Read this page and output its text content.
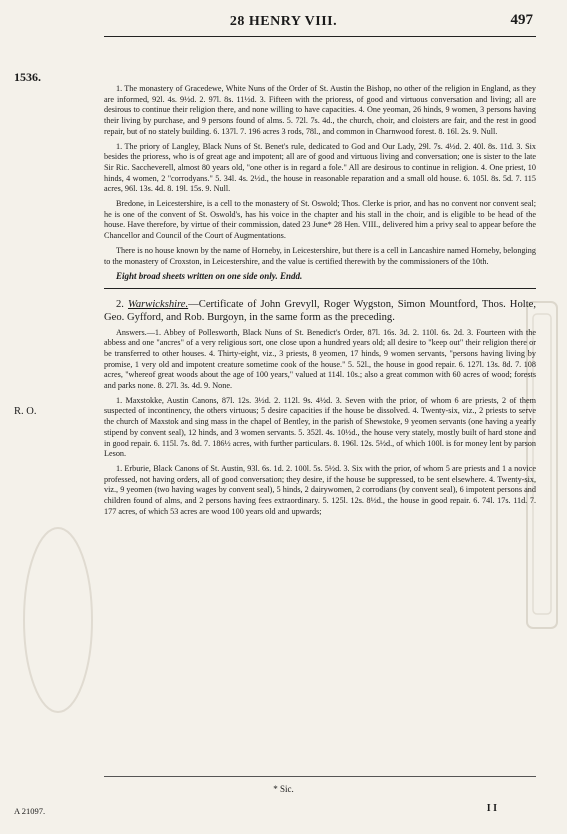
28 HENRY VIII.	497
1536.
R. O.

1. The monastery of Gracedewe, White Nuns of the Order of St. Austin the Bishop, no other of the religion in England, as they are informed, 92l. 4s. 9½d. 2. 97l. 8s. 11½d. 3. Fifteen with the prioress, of good and virtuous conversation and living; all are desirous to continue their religion there, and none willing to have capacities. 4. One yeoman, 26 hinds, 9 women, 3 persons having their living by purchase, and 9 persons found of alms. 5. 72l. 7s. 4d., the church, choir, and cloisters are fair, and the rest in good repair, but of no stately building. 6. 137l. 7. 196 acres 3 rods, 78l., and common in Charnwood forest. 8. 16l. 2s. 9. Null.

1. The priory of Langley, Black Nuns of St. Benet's rule, dedicated to God and Our Lady, 29l. 7s. 4½d. 2. 40l. 8s. 11d. 3. Six besides the prioress, who is of great age and impotent; all are of good and virtuous living and conversation; one is sister to the late Sir Ric. Saccheverell, almost 80 years old, "one other is in regard a fole." All are desirous to continue in religion. 4. One priest, 10 hinds, 4 women, 2 "corrodyans." 5. 34l. 4s. 2½d., the house in reasonable reparation and a small old house. 6. 105l. 8s. 5d. 7. 115 acres, 96l. 13s. 4d. 8. 19l. 15s. 9. Null.

Bredone, in Leicestershire, is a cell to the monastery of St. Oswold; Thos. Clerke is prior, and has no convent nor convent seal; he is one of the convent of St. Oswold's, has his voice in the chapter and his stall in the choir, and is eligible to be head of the house. Have therefore, by virtue of their commission, dated 23 June* 28 Hen. VIII., delivered him a privy seal to appear before the Chancellor and Council of the Court of Augmentations.

There is no house known by the name of Horneby, in Leicestershire, but there is a cell in Lancashire named Horneby, belonging to the monastery of Croxston, in Leicestershire, and the value is certified therewith by the commissioners of the 10th.

Eight broad sheets written on one side only. Endd.

2. Warwickshire.—Certificate of John Grevyll, Roger Wygston, Simon Mountford, Thos. Holte, Geo. Gyfford, and Rob. Burgoyn, in the same form as the preceding.

Answers.—1. Abbey of Pollesworth, Black Nuns of St. Benedict's Order, 87l. 16s. 3d. 2. 110l. 6s. 2d. 3. Fourteen with the abbess and one "ancres" of a very religious sort, one close upon a hundred years old; all desire to "keep out" their religion there or be transferred to other houses. 4. Thirty-eight, viz., 3 priests, 8 yeomen, 17 hinds, 9 women servants, "persons having living by promise, 1 very old and impotent creature sometime cook of the house." 5. 52l., the house in good repair. 6. 127l. 13s. 8d. 7. 108 acres, "whereof great woods about the age of 100 years," valued at 114l. 10s.; also a great common with 60 acres of wood; forests and parks none. 8. 27l. 3s. 4d. 9. None.

1. Maxstokke, Austin Canons, 87l. 12s. 3½d. 2. 112l. 9s. 4½d. 3. Seven with the prior, of whom 6 are priests, 2 of them suspected of incontinency, the others virtuous; 5 desire capacities if the house be dissolved. 4. Twenty-six, viz., 2 priests to serve the church of Maxstok and sing mass in the chapel of Bentley, in the parish of Shewstoke, 9 yeomen servants (one having a yearly stipend by convent seal), 12 hinds, and 3 women servants. 5. 352l. 4s. 10½d., the house very stately, mostly built of hard stone and in good repair. 6. 115l. 7s. 8d. 7. 186½ acres, with further particulars. 8. 196l. 12s. 5½d., of which 100l. is for money lent by parson Leson.

1. Erburie, Black Canons of St. Austin, 93l. 6s. 1d. 2. 100l. 5s. 5½d. 3. Six with the prior, of whom 5 are priests and 1 a novice professed, not having orders, all of good conversation; they desire, if the house be suppressed, to be sent elsewhere. 4. Twenty-six, viz., 9 yeomen (two having wages by convent seal), 5 hinds, 2 dairywomen, 2 corrodians (by convent seal), 6 impotent persons and children found of alms, and 2 persons having fees extraordinary. 5. 125l. 12s. 8½d., the house in good repair. 6. 74l. 17s. 11d. 7. 177 acres, of which 53 acres are wood 100 years old and upwards;

* Sic.
A 21097.	I I
